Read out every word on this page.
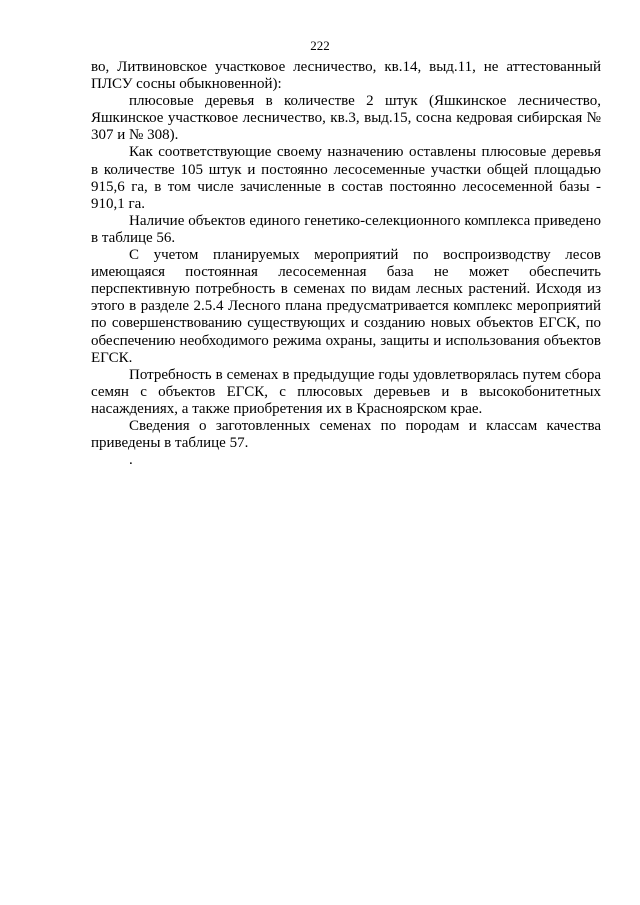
222

во, Литвиновское участковое лесничество, кв.14, выд.11, не аттестованный ПЛСУ сосны обыкновенной):

плюсовые деревья в количестве 2 штук (Яшкинское лесничество, Яшкинское участковое лесничество, кв.3, выд.15, сосна кедровая сибирская № 307 и № 308).

Как соответствующие своему назначению оставлены плюсовые деревья в количестве 105 штук и постоянно лесосеменные участки общей площадью 915,6 га, в том числе зачисленные в состав постоянно лесосеменной базы - 910,1 га.

Наличие объектов единого генетико-селекционного комплекса приведено в таблице 56.

С учетом планируемых мероприятий по воспроизводству лесов имеющаяся постоянная лесосеменная база не может обеспечить перспективную потребность в семенах по видам лесных растений. Исходя из этого в разделе 2.5.4 Лесного плана предусматривается комплекс мероприятий по совершенствованию существующих и созданию новых объектов ЕГСК, по обеспечению необходимого режима охраны, защиты и использования объектов ЕГСК.

Потребность в семенах в предыдущие годы удовлетворялась путем сбора семян с объектов ЕГСК, с плюсовых деревьев и в высокобонитетных насаждениях, а также приобретения их в Красноярском крае.

Сведения о заготовленных семенах по породам и классам качества приведены в таблице 57.

.
